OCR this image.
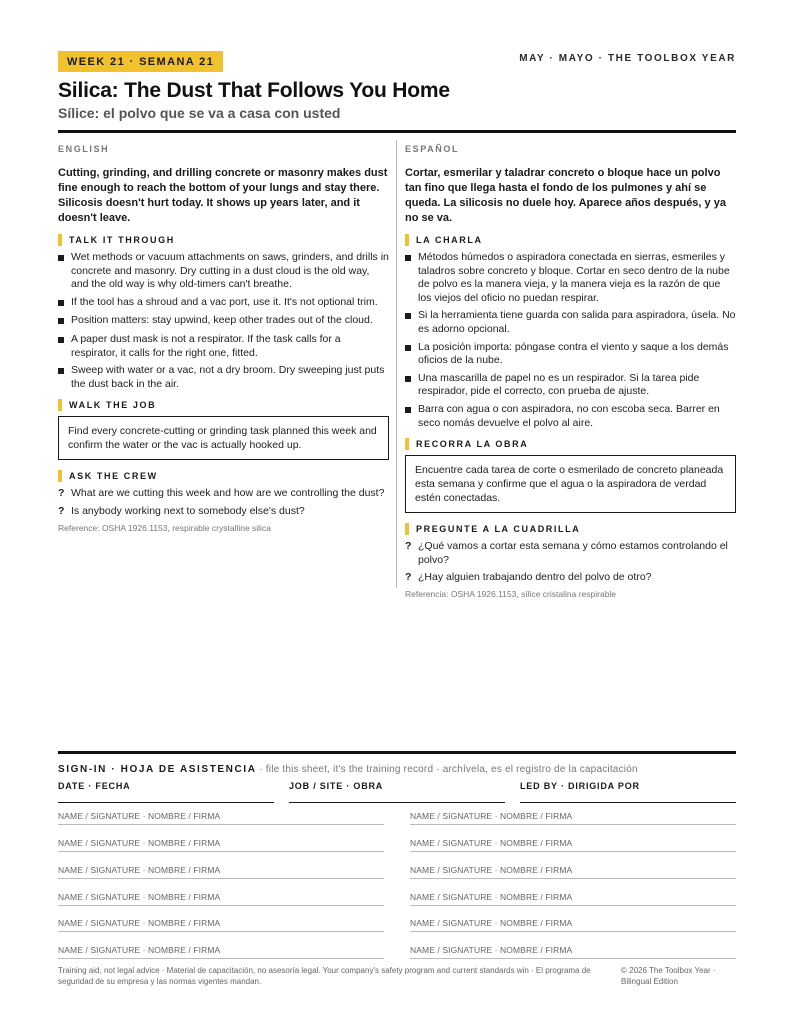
WEEK 21 · SEMANA 21	MAY · MAYO · THE TOOLBOX YEAR
Silica: The Dust That Follows You Home
Sílice: el polvo que se va a casa con usted
ENGLISH

Cutting, grinding, and drilling concrete or masonry makes dust fine enough to reach the bottom of your lungs and stay there. Silicosis doesn't hurt today. It shows up years later, and it doesn't leave.

TALK IT THROUGH
Wet methods or vacuum attachments on saws, grinders, and drills in concrete and masonry. Dry cutting in a dust cloud is the old way, and the old way is why old-timers can't breathe.
If the tool has a shroud and a vac port, use it. It's not optional trim.
Position matters: stay upwind, keep other trades out of the cloud.
A paper dust mask is not a respirator. If the task calls for a respirator, it calls for the right one, fitted.
Sweep with water or a vac, not a dry broom. Dry sweeping just puts the dust back in the air.
WALK THE JOB
Find every concrete-cutting or grinding task planned this week and confirm the water or the vac is actually hooked up.
ASK THE CREW
? What are we cutting this week and how are we controlling the dust?
? Is anybody working next to somebody else's dust?
Reference: OSHA 1926.1153, respirable crystalline silica
ESPAÑOL

Cortar, esmerilar y taladrar concreto o bloque hace un polvo tan fino que llega hasta el fondo de los pulmones y ahí se queda. La silicosis no duele hoy. Aparece años después, y ya no se va.

LA CHARLA
Métodos húmedos o aspiradora conectada en sierras, esmeriles y taladros sobre concreto y bloque. Cortar en seco dentro de la nube de polvo es la manera vieja, y la manera vieja es la razón de que los viejos del oficio no puedan respirar.
Si la herramienta tiene guarda con salida para aspiradora, úsela. No es adorno opcional.
La posición importa: póngase contra el viento y saque a los demás oficios de la nube.
Una mascarilla de papel no es un respirador. Si la tarea pide respirador, pide el correcto, con prueba de ajuste.
Barra con agua o con aspiradora, no con escoba seca. Barrer en seco nomás devuelve el polvo al aire.
RECORRA LA OBRA
Encuentre cada tarea de corte o esmerilado de concreto planeada esta semana y confirme que el agua o la aspiradora de verdad estén conectadas.
PREGUNTE A LA CUADRILLA
? ¿Qué vamos a cortar esta semana y cómo estamos controlando el polvo?
? ¿Hay alguien trabajando dentro del polvo de otro?
Referencia: OSHA 1926.1153, sílice cristalina respirable
SIGN-IN · HOJA DE ASISTENCIA · file this sheet, it's the training record · archívela, es el registro de la capacitación
DATE · FECHA	JOB / SITE · OBRA	LED BY · DIRIGIDA POR
NAME / SIGNATURE · NOMBRE / FIRMA	NAME / SIGNATURE · NOMBRE / FIRMA
NAME / SIGNATURE · NOMBRE / FIRMA	NAME / SIGNATURE · NOMBRE / FIRMA
NAME / SIGNATURE · NOMBRE / FIRMA	NAME / SIGNATURE · NOMBRE / FIRMA
NAME / SIGNATURE · NOMBRE / FIRMA	NAME / SIGNATURE · NOMBRE / FIRMA
NAME / SIGNATURE · NOMBRE / FIRMA	NAME / SIGNATURE · NOMBRE / FIRMA
NAME / SIGNATURE · NOMBRE / FIRMA	NAME / SIGNATURE · NOMBRE / FIRMA
Training aid, not legal advice · Material de capacitación, no asesoría legal. Your company's safety program and current standards win · El programa de seguridad de su empresa y las normas vigentes mandan.
© 2026 The Toolbox Year · Bilingual Edition
